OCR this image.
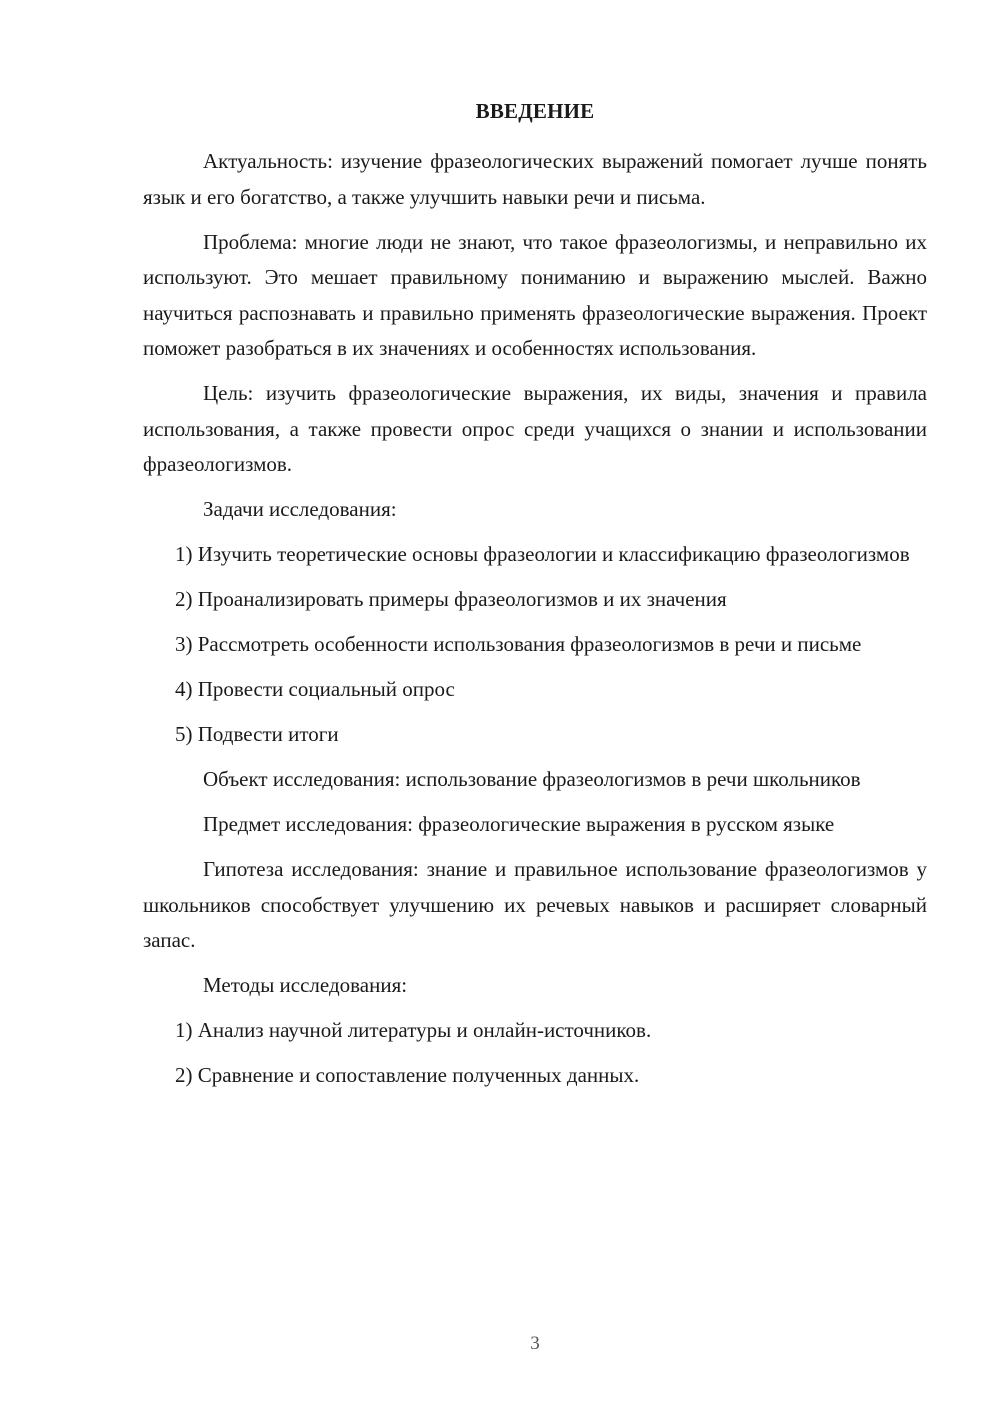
ВВЕДЕНИЕ

Актуальность: изучение фразеологических выражений помогает лучше понять язык и его богатство, а также улучшить навыки речи и письма.

Проблема: многие люди не знают, что такое фразеологизмы, и неправильно их используют. Это мешает правильному пониманию и выражению мыслей. Важно научиться распознавать и правильно применять фразеологические выражения. Проект поможет разобраться в их значениях и особенностях использования.

Цель: изучить фразеологические выражения, их виды, значения и правила использования, а также провести опрос среди учащихся о знании и использовании фразеологизмов.

Задачи исследования:

1) Изучить теоретические основы фразеологии и классификацию фразеологизмов

2) Проанализировать примеры фразеологизмов и их значения

3) Рассмотреть особенности использования фразеологизмов в речи и письме

4) Провести социальный опрос

5) Подвести итоги

Объект исследования: использование фразеологизмов в речи школьников

Предмет исследования: фразеологические выражения в русском языке

Гипотеза исследования: знание и правильное использование фразеологизмов у школьников способствует улучшению их речевых навыков и расширяет словарный запас.

Методы исследования:

1) Анализ научной литературы и онлайн-источников.

2) Сравнение и сопоставление полученных данных.

3
